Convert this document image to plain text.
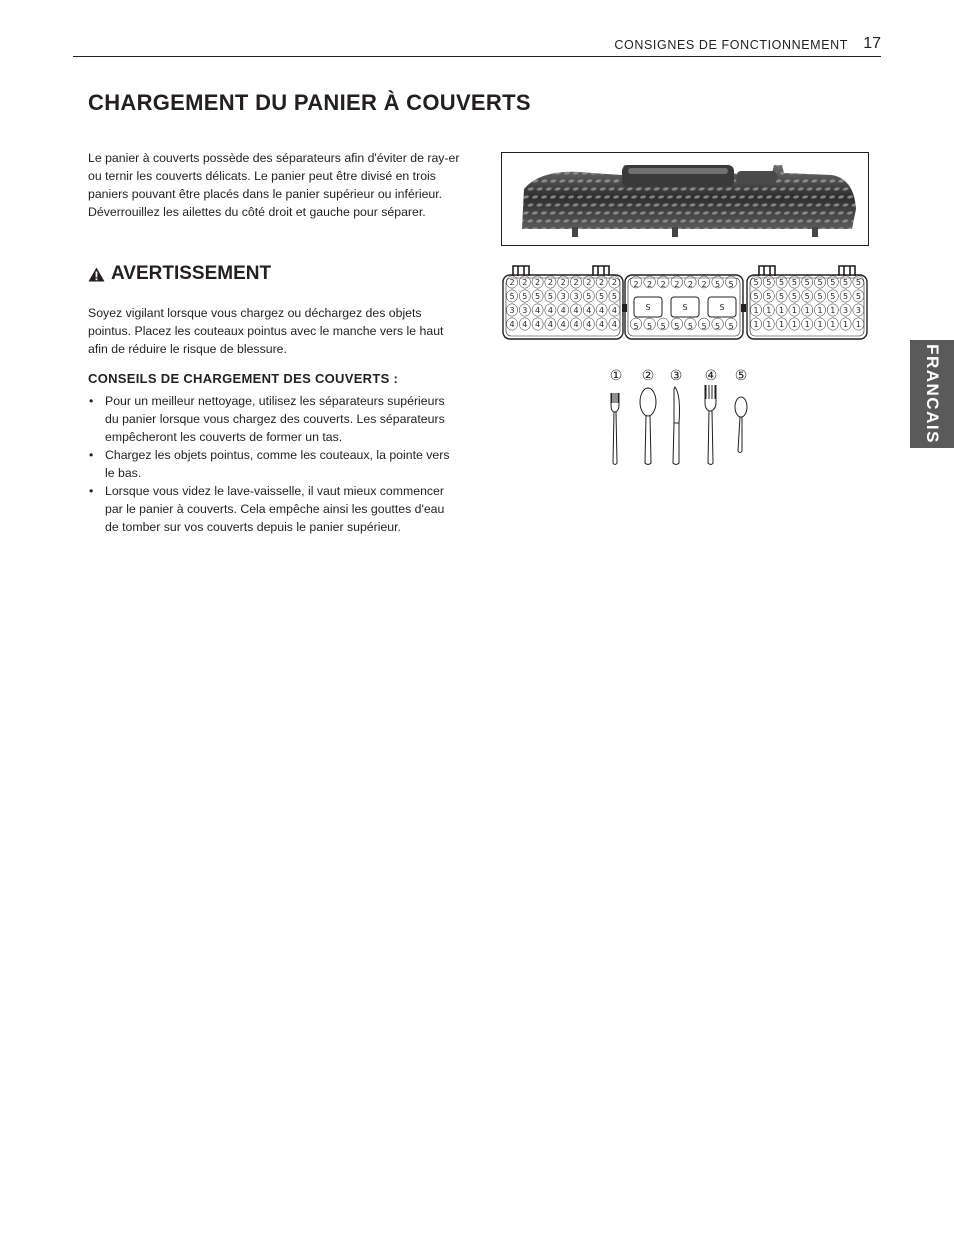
CONSIGNES DE FONCTIONNEMENT 17
CHARGEMENT DU PANIER À COUVERTS

Le panier à couverts possède des séparateurs afin d'éviter de ray-er ou ternir les couverts délicats. Le panier peut être divisé en trois paniers pouvant être placés dans le panier supérieur ou inférieur. Déverrouillez les ailettes du côté droit et gauche pour séparer.

AVERTISSEMENT

Soyez vigilant lorsque vous chargez ou déchargez des objets pointus. Placez les couteaux pointus avec le manche vers le haut afin de réduire le risque de blessure.

CONSEILS DE CHARGEMENT DES COUVERTS :
• Pour un meilleur nettoyage, utilisez les séparateurs supérieurs du panier lorsque vous chargez des couverts. Les séparateurs empêcheront les couverts de former un tas.
• Chargez les objets pointus, comme les couteaux, la pointe vers le bas.
• Lorsque vous videz le lave-vaisselle, il vaut mieux commencer par le panier à couverts. Cela empêche ainsi les gouttes d'eau de tomber sur vos couverts depuis le panier supérieur.
2 2 2 2 2 2 2 2 2
5 5 5 5 3 3 5 5 5
3 3 4 4 4 4 4 4 4
4 4 4 4 4 4 4 4 4
2 2 2 2 2 2 5 5
5 5 5 5 5 5 5 5
S	S	S
5 5 5 5 5 5 5 5 5
5 5 5 5 5 5 5 5 5
1 1 1 1 1 1 1 3 3
1 1 1 1 1 1 1 1 1
① ② ③ ④ ⑤	FRANCAIS
